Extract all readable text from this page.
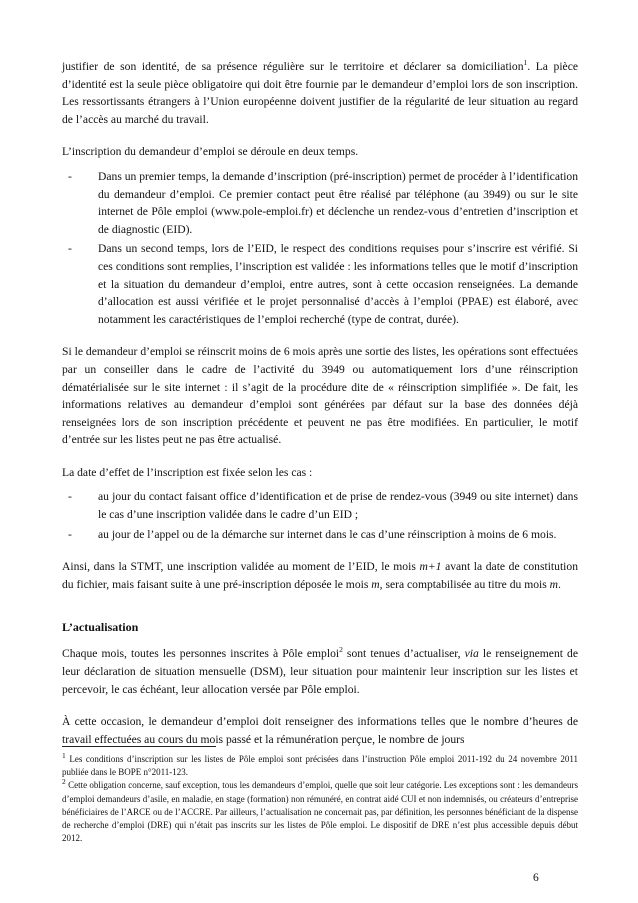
justifier de son identité, de sa présence régulière sur le territoire et déclarer sa domiciliation$^1$. La pièce d’identité est la seule pièce obligatoire qui doit être fournie par le demandeur d’emploi lors de son inscription. Les ressortissants étrangers à l’Union européenne doivent justifier de la régularité de leur situation au regard de l’accès au marché du travail.

L’inscription du demandeur d’emploi se déroule en deux temps.

- Dans un premier temps, la demande d’inscription (pré-inscription) permet de procéder à l’identification du demandeur d’emploi. Ce premier contact peut être réalisé par téléphone (au 3949) ou sur le site internet de Pôle emploi (www.pole-emploi.fr) et déclenche un rendez-vous d’entretien d’inscription et de diagnostic (EID).
- Dans un second temps, lors de l’EID, le respect des conditions requises pour s’inscrire est vérifié. Si ces conditions sont remplies, l’inscription est validée : les informations telles que le motif d’inscription et la situation du demandeur d’emploi, entre autres, sont à cette occasion renseignées. La demande d’allocation est aussi vérifiée et le projet personnalisé d’accès à l’emploi (PPAE) est élaboré, avec notamment les caractéristiques de l’emploi recherché (type de contrat, durée).

Si le demandeur d’emploi se réinscrit moins de 6 mois après une sortie des listes, les opérations sont effectuées par un conseiller dans le cadre de l’activité du 3949 ou automatiquement lors d’une réinscription dématérialisée sur le site internet : il s’agit de la procédure dite de « réinscription simplifiée ». De fait, les informations relatives au demandeur d’emploi sont générées par défaut sur la base des données déjà renseignées lors de son inscription précédente et peuvent ne pas être modifiées. En particulier, le motif d’entrée sur les listes peut ne pas être actualisé.

La date d’effet de l’inscription est fixée selon les cas :

- au jour du contact faisant office d’identification et de prise de rendez-vous (3949 ou site internet) dans le cas d’une inscription validée dans le cadre d’un EID ;
- au jour de l’appel ou de la démarche sur internet dans le cas d’une réinscription à moins de 6 mois.

Ainsi, dans la STMT, une inscription validée au moment de l’EID, le mois m+1 avant la date de constitution du fichier, mais faisant suite à une pré-inscription déposée le mois m, sera comptabilisée au titre du mois m.

L’actualisation

Chaque mois, toutes les personnes inscrites à Pôle emploi$^2$ sont tenues d’actualiser, via le renseignement de leur déclaration de situation mensuelle (DSM), leur situation pour maintenir leur inscription sur les listes et percevoir, le cas échéant, leur allocation versée par Pôle emploi.

À cette occasion, le demandeur d’emploi doit renseigner des informations telles que le nombre d’heures de travail effectuées au cours du mois passé et la rémunération perçue, le nombre de jours

$^1$ Les conditions d’inscription sur les listes de Pôle emploi sont précisées dans l’instruction Pôle emploi 2011-192 du 24 novembre 2011 publiée dans le BOPE n°2011-123.

$^2$ Cette obligation concerne, sauf exception, tous les demandeurs d’emploi, quelle que soit leur catégorie. Les exceptions sont : les demandeurs d’emploi demandeurs d’asile, en maladie, en stage (formation) non rémunéré, en contrat aidé CUI et non indemnisés, ou créateurs d’entreprise bénéficiaires de l’ARCE ou de l’ACCRE. Par ailleurs, l’actualisation ne concernait pas, par définition, les personnes bénéficiant de la dispense de recherche d’emploi (DRE) qui n’était pas inscrits sur les listes de Pôle emploi. Le dispositif de DRE n’est plus accessible depuis début 2012.

6
